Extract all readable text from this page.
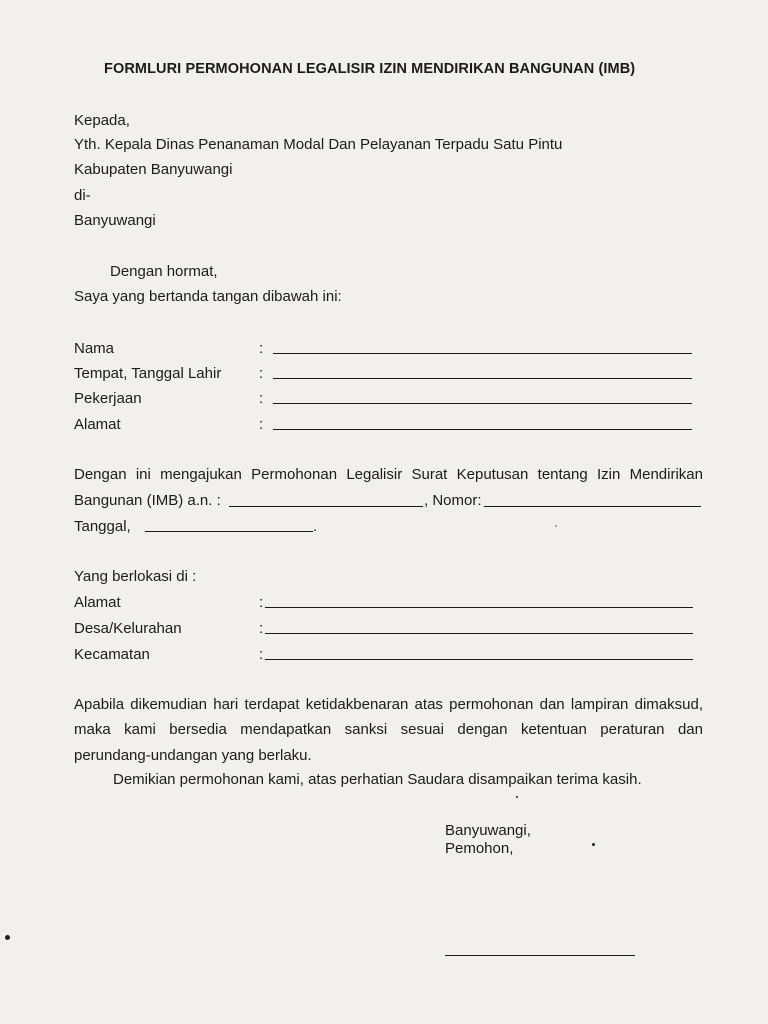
FORMLURI PERMOHONAN LEGALISIR IZIN MENDIRIKAN BANGUNAN (IMB)
Kepada,
Yth. Kepala Dinas Penanaman Modal Dan Pelayanan Terpadu Satu Pintu
Kabupaten Banyuwangi
di-
Banyuwangi
Dengan hormat,
Saya yang bertanda tangan dibawah ini:
Nama	:
Tempat, Tanggal Lahir	:
Pekerjaan	:
Alamat	:
Dengan ini mengajukan Permohonan Legalisir Surat Keputusan tentang Izin Mendirikan
Bangunan (IMB) a.n. :	, Nomor:
Tanggal,	.
Yang berlokasi di :
Alamat	:
Desa/Kelurahan	:
Kecamatan	:
Apabila dikemudian hari terdapat ketidakbenaran atas permohonan dan lampiran dimaksud,
maka kami bersedia mendapatkan sanksi sesuai dengan ketentuan peraturan dan
perundang-undangan yang berlaku.
Demikian permohonan kami, atas perhatian Saudara disampaikan terima kasih.
Banyuwangi,
Pemohon,
